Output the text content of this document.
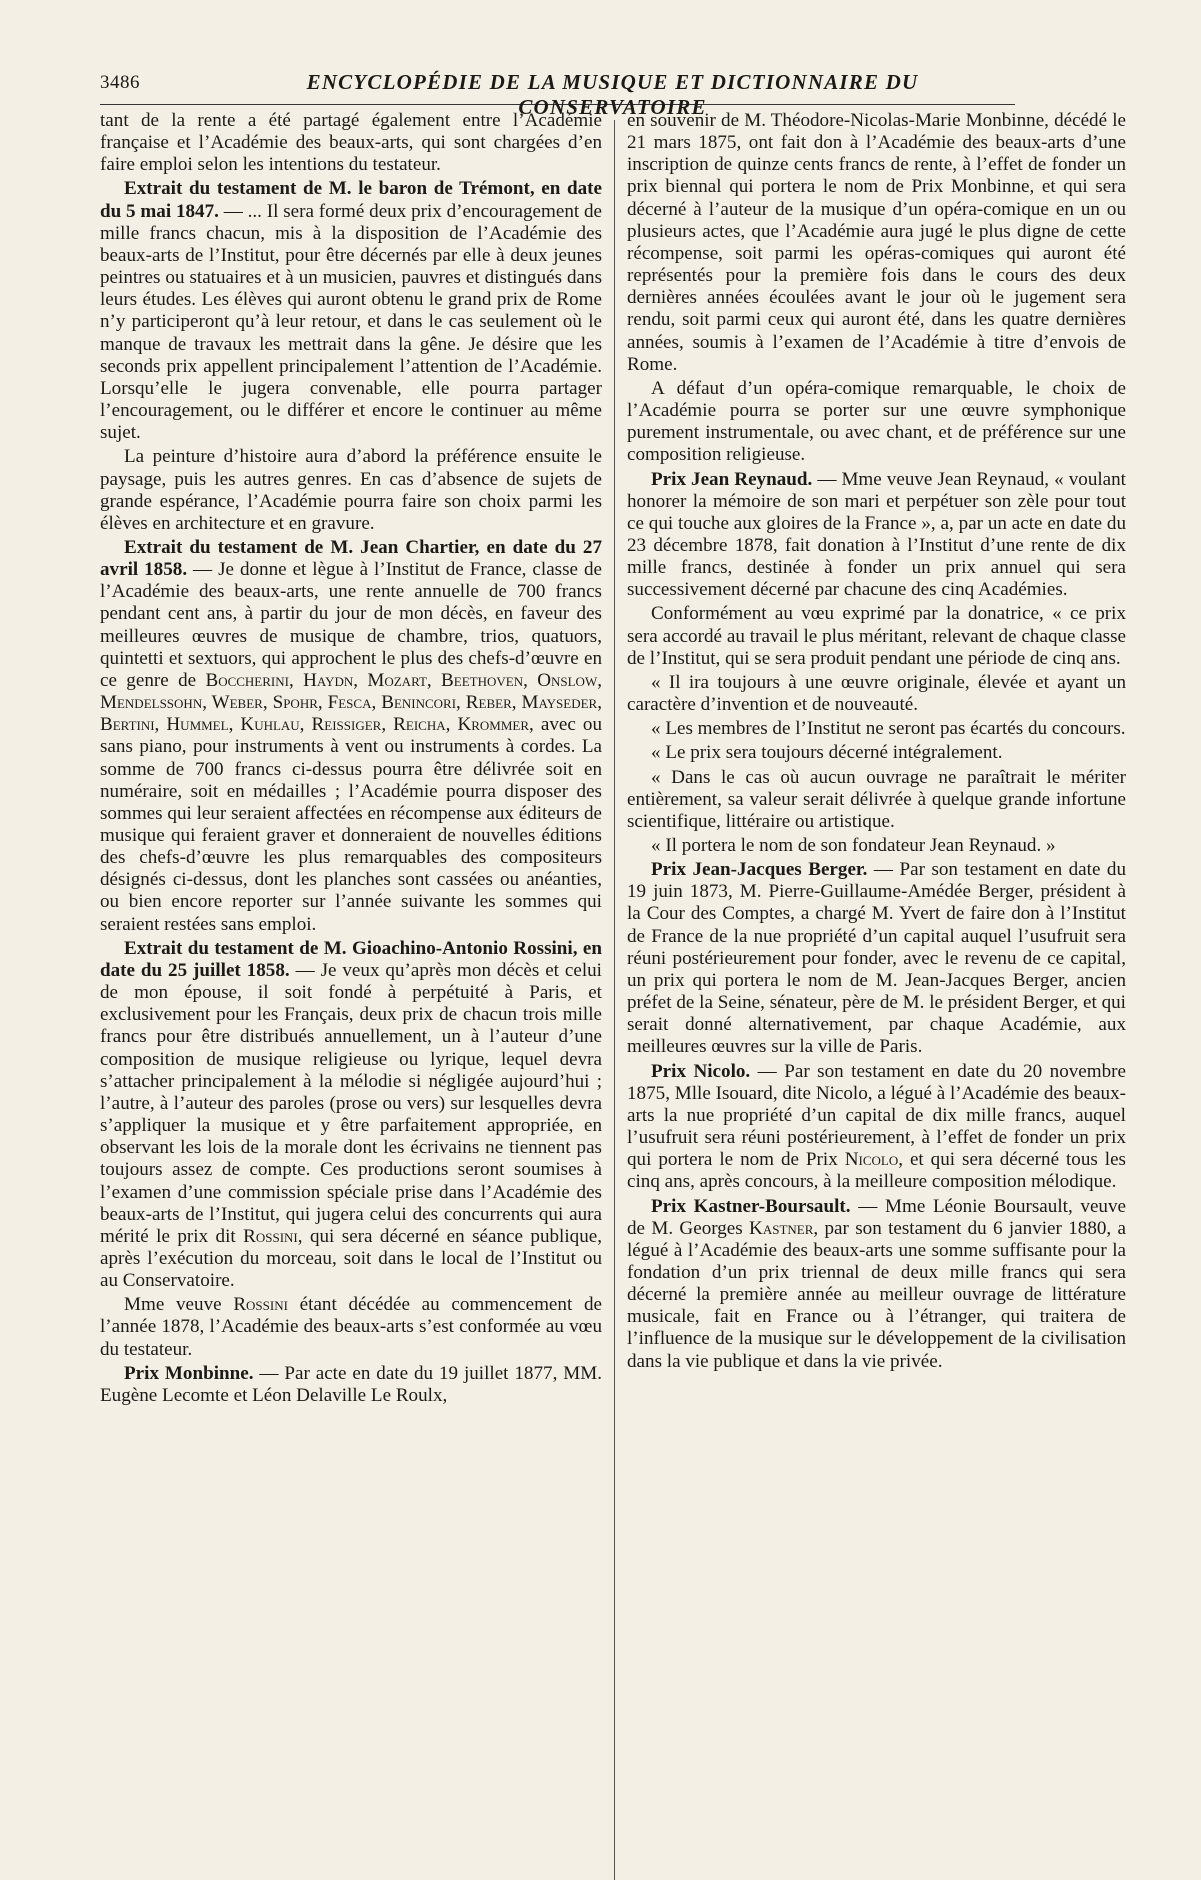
3486	ENCYCLOPÉDIE DE LA MUSIQUE ET DICTIONNAIRE DU CONSERVATOIRE

tant de la rente a été partagé également entre l’Académie française et l’Académie des beaux-arts, qui sont chargées d’en faire emploi selon les intentions du testateur.

Extrait du testament de M. le baron de Trémont, en date du 5 mai 1847. — ... Il sera formé deux prix d’encouragement de mille francs chacun, mis à la disposition de l’Académie des beaux-arts de l’Institut, pour être décernés par elle à deux jeunes peintres ou statuaires et à un musicien, pauvres et distingués dans leurs études. Les élèves qui auront obtenu le grand prix de Rome n’y participeront qu’à leur retour, et dans le cas seulement où le manque de travaux les mettrait dans la gêne. Je désire que les seconds prix appellent principalement l’attention de l’Académie. Lorsqu’elle le jugera convenable, elle pourra partager l’encouragement, ou le différer et encore le continuer au même sujet.

La peinture d’histoire aura d’abord la préférence ensuite le paysage, puis les autres genres. En cas d’absence de sujets de grande espérance, l’Académie pourra faire son choix parmi les élèves en architecture et en gravure.

Extrait du testament de M. Jean Chartier, en date du 27 avril 1858. — Je donne et lègue à l’Institut de France, classe de l’Académie des beaux-arts, une rente annuelle de 700 francs pendant cent ans, à partir du jour de mon décès, en faveur des meilleures œuvres de musique de chambre, trios, quatuors, quintetti et sextuors, qui approchent le plus des chefs-d’œuvre en ce genre de Boccherini, Haydn, Mozart, Beethoven, Onslow, Mendelssohn, Weber, Spohr, Fesca, Benincori, Reber, Mayseder, Bertini, Hummel, Kuhlau, Reissiger, Reicha, Krommer, avec ou sans piano, pour instruments à vent ou instruments à cordes. La somme de 700 francs ci-dessus pourra être délivrée soit en numéraire, soit en médailles ; l’Académie pourra disposer des sommes qui leur seraient affectées en récompense aux éditeurs de musique qui feraient graver et donneraient de nouvelles éditions des chefs-d’œuvre les plus remarquables des compositeurs désignés ci-dessus, dont les planches sont cassées ou anéanties, ou bien encore reporter sur l’année suivante les sommes qui seraient restées sans emploi.

Extrait du testament de M. Gioachino-Antonio Rossini, en date du 25 juillet 1858. — Je veux qu’après mon décès et celui de mon épouse, il soit fondé à perpétuité à Paris, et exclusivement pour les Français, deux prix de chacun trois mille francs pour être distribués annuellement, un à l’auteur d’une composition de musique religieuse ou lyrique, lequel devra s’attacher principalement à la mélodie si négligée aujourd’hui ; l’autre, à l’auteur des paroles (prose ou vers) sur lesquelles devra s’appliquer la musique et y être parfaitement appropriée, en observant les lois de la morale dont les écrivains ne tiennent pas toujours assez de compte. Ces productions seront soumises à l’examen d’une commission spéciale prise dans l’Académie des beaux-arts de l’Institut, qui jugera celui des concurrents qui aura mérité le prix dit Rossini, qui sera décerné en séance publique, après l’exécution du morceau, soit dans le local de l’Institut ou au Conservatoire.

Mme veuve Rossini étant décédée au commencement de l’année 1878, l’Académie des beaux-arts s’est conformée au vœu du testateur.

Prix Monbinne. — Par acte en date du 19 juillet 1877, MM. Eugène Lecomte et Léon Delaville Le Roulx,

en souvenir de M. Théodore-Nicolas-Marie Monbinne, décédé le 21 mars 1875, ont fait don à l’Académie des beaux-arts d’une inscription de quinze cents francs de rente, à l’effet de fonder un prix biennal qui portera le nom de Prix Monbinne, et qui sera décerné à l’auteur de la musique d’un opéra-comique en un ou plusieurs actes, que l’Académie aura jugé le plus digne de cette récompense, soit parmi les opéras-comiques qui auront été représentés pour la première fois dans le cours des deux dernières années écoulées avant le jour où le jugement sera rendu, soit parmi ceux qui auront été, dans les quatre dernières années, soumis à l’examen de l’Académie à titre d’envois de Rome.

A défaut d’un opéra-comique remarquable, le choix de l’Académie pourra se porter sur une œuvre symphonique purement instrumentale, ou avec chant, et de préférence sur une composition religieuse.

Prix Jean Reynaud. — Mme veuve Jean Reynaud, « voulant honorer la mémoire de son mari et perpétuer son zèle pour tout ce qui touche aux gloires de la France », a, par un acte en date du 23 décembre 1878, fait donation à l’Institut d’une rente de dix mille francs, destinée à fonder un prix annuel qui sera successivement décerné par chacune des cinq Académies.

Conformément au vœu exprimé par la donatrice, « ce prix sera accordé au travail le plus méritant, relevant de chaque classe de l’Institut, qui se sera produit pendant une période de cinq ans.

« Il ira toujours à une œuvre originale, élevée et ayant un caractère d’invention et de nouveauté.

« Les membres de l’Institut ne seront pas écartés du concours.

« Le prix sera toujours décerné intégralement.

« Dans le cas où aucun ouvrage ne paraîtrait le mériter entièrement, sa valeur serait délivrée à quelque grande infortune scientifique, littéraire ou artistique.

« Il portera le nom de son fondateur Jean Reynaud. »

Prix Jean-Jacques Berger. — Par son testament en date du 19 juin 1873, M. Pierre-Guillaume-Amédée Berger, président à la Cour des Comptes, a chargé M. Yvert de faire don à l’Institut de France de la nue propriété d’un capital auquel l’usufruit sera réuni postérieurement pour fonder, avec le revenu de ce capital, un prix qui portera le nom de M. Jean-Jacques Berger, ancien préfet de la Seine, sénateur, père de M. le président Berger, et qui serait donné alternativement, par chaque Académie, aux meilleures œuvres sur la ville de Paris.

Prix Nicolo. — Par son testament en date du 20 novembre 1875, Mlle Isouard, dite Nicolo, a légué à l’Académie des beaux-arts la nue propriété d’un capital de dix mille francs, auquel l’usufruit sera réuni postérieurement, à l’effet de fonder un prix qui portera le nom de Prix Nicolo, et qui sera décerné tous les cinq ans, après concours, à la meilleure composition mélodique.

Prix Kastner-Boursault. — Mme Léonie Boursault, veuve de M. Georges Kastner, par son testament du 6 janvier 1880, a légué à l’Académie des beaux-arts une somme suffisante pour la fondation d’un prix triennal de deux mille francs qui sera décerné la première année au meilleur ouvrage de littérature musicale, fait en France ou à l’étranger, qui traitera de l’influence de la musique sur le développement de la civilisation dans la vie publique et dans la vie privée.
